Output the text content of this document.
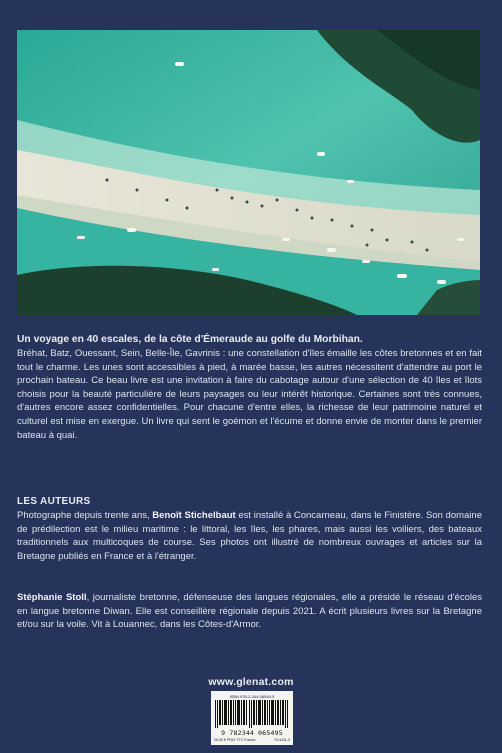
Un voyage en 40 escales, de la côte d'Émeraude au golfe du Morbihan.

Bréhat, Batz, Ouessant, Sein, Belle-Île, Gavrinis : une constellation d'îles émaille les côtes bretonnes et en fait tout le charme. Les unes sont accessibles à pied, à marée basse, les autres nécessitent d'attendre au port le prochain bateau. Ce beau livre est une invitation à faire du cabotage autour d'une sélection de 40 îles et îlots choisis pour la beauté particulière de leurs paysages ou leur intérêt historique. Certaines sont très connues, d'autres encore assez confidentielles. Pour chacune d'entre elles, la richesse de leur patrimoine naturel et culturel est mise en exergue. Un livre qui sent le goémon et l'écume et donne envie de monter dans le premier bateau à quai.

LES AUTEURS

Photographe depuis trente ans, Benoît Stichelbaut est installé à Concarneau, dans le Finistère. Son domaine de prédilection est le milieu maritime : le littoral, les îles, les phares, mais aussi les voiliers, des bateaux traditionnels aux multicoques de course. Ses photos ont illustré de nombreux ouvrages et articles sur la Bretagne publiés en France et à l'étranger.

Stéphanie Stoll, journaliste bretonne, défenseuse des langues régionales, elle a présidé le réseau d'écoles en langue bretonne Diwan. Elle est conseillère régionale depuis 2021. A écrit plusieurs livres sur la Bretagne et/ou sur la voile. Vit à Louannec, dans les Côtes-d'Armor.

www.glenat.com
ISBN 978-2-344-06549-5
9 782344 065495
26,00 € PRIX TTC France	70-9411-3
